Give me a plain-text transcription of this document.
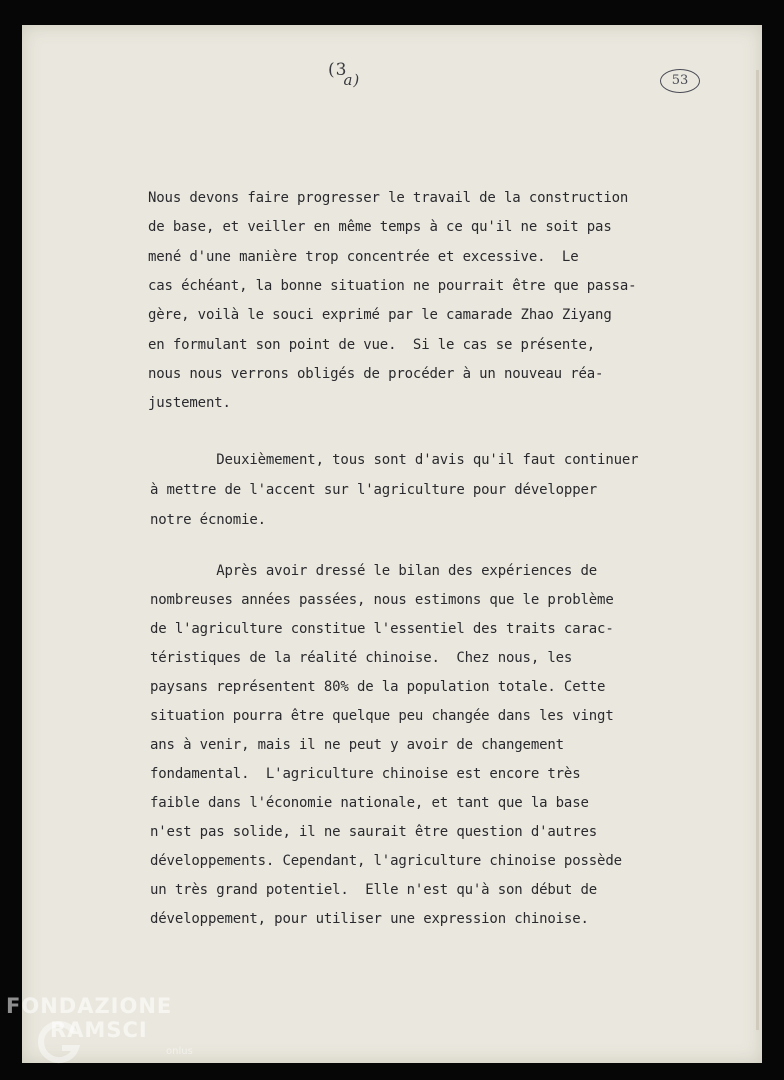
(3a)	53
Nous devons faire progresser le travail de la construction
de base, et veiller en même temps à ce qu'il ne soit pas
mené d'une manière trop concentrée et excessive.  Le
cas échéant, la bonne situation ne pourrait être que passa-
gère, voilà le souci exprimé par le camarade Zhao Ziyang
en formulant son point de vue.  Si le cas se présente,
nous nous verrons obligés de procéder à un nouveau réa-
justement.
Deuxièmement, tous sont d'avis qu'il faut continuer
à mettre de l'accent sur l'agriculture pour développer
notre écnomie.
Après avoir dressé le bilan des expériences de
nombreuses années passées, nous estimons que le problème
de l'agriculture constitue l'essentiel des traits carac-
téristiques de la réalité chinoise.  Chez nous, les
paysans représentent 80% de la population totale. Cette
situation pourra être quelque peu changée dans les vingt
ans à venir, mais il ne peut y avoir de changement
fondamental.  L'agriculture chinoise est encore très
faible dans l'économie nationale, et tant que la base
n'est pas solide, il ne saurait être question d'autres
développements. Cependant, l'agriculture chinoise possède
un très grand potentiel.  Elle n'est qu'à son début de
développement, pour utiliser une expression chinoise.
FONDAZIONE
RAMSCI
onlus
